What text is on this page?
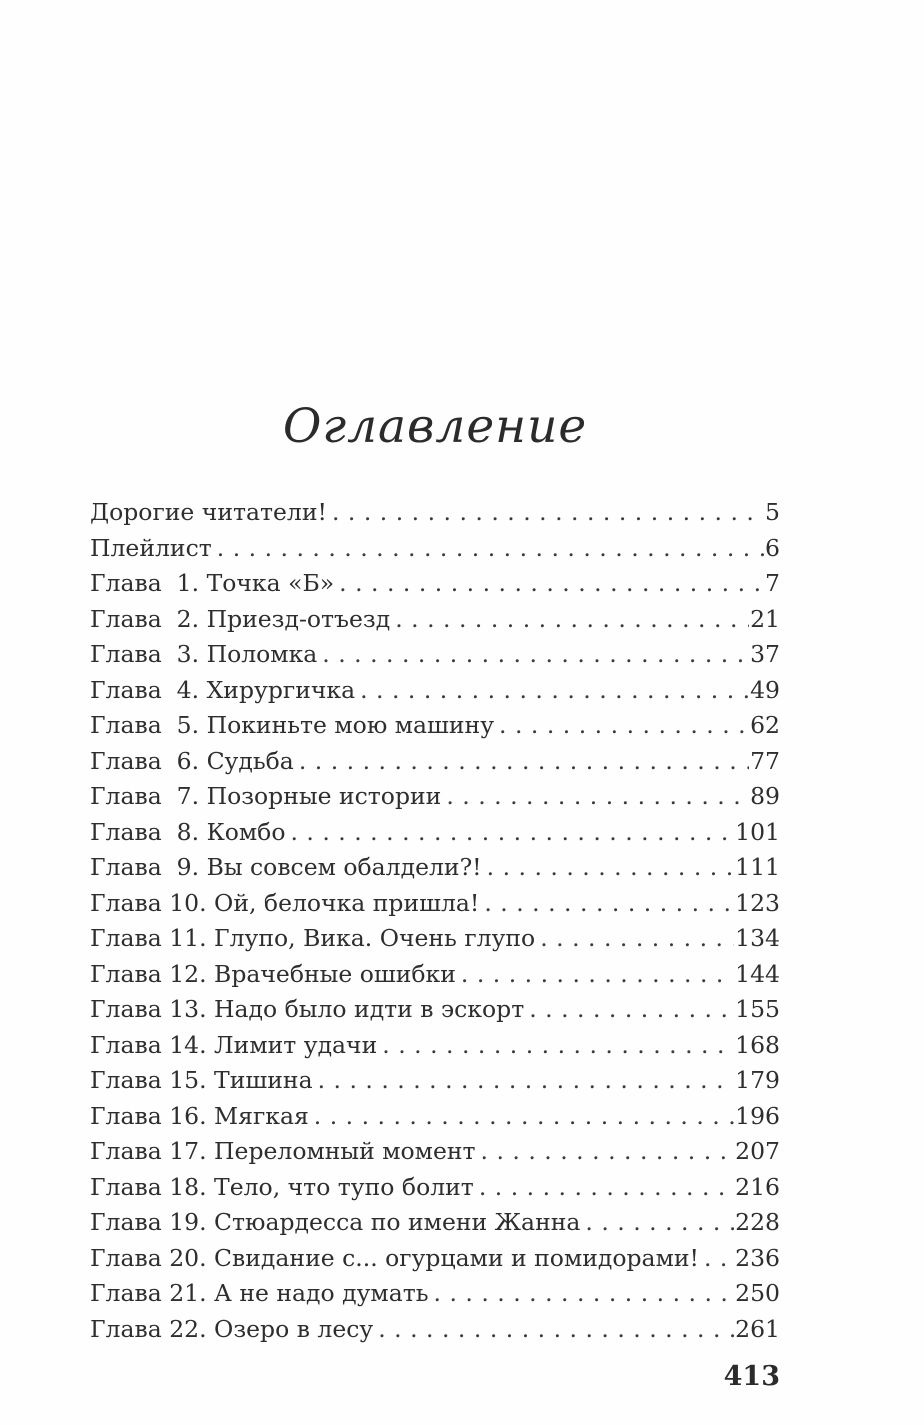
Оглавление
Дорогие читатели! . . .	5
Плейлист . . .	6
Глава  1. Точка «Б» . . .	7
Глава  2. Приезд-отъезд . . .	21
Глава  3. Поломка . . .	37
Глава  4. Хирургичка . . .	49
Глава  5. Покиньте мою машину . . .	62
Глава  6. Судьба . . .	77
Глава  7. Позорные истории . . .	89
Глава  8. Комбо . . .	101
Глава  9. Вы совсем обалдели?! . . .	111
Глава 10. Ой, белочка пришла! . . .	123
Глава 11. Глупо, Вика. Очень глупо . . .	134
Глава 12. Врачебные ошибки . . .	144
Глава 13. Надо было идти в эскорт . . .	155
Глава 14. Лимит удачи . . .	168
Глава 15. Тишина . . .	179
Глава 16. Мягкая . . .	196
Глава 17. Переломный момент . . .	207
Глава 18. Тело, что тупо болит . . .	216
Глава 19. Стюардесса по имени Жанна . . .	228
Глава 20. Свидание с... огурцами и помидорами! . . . 236
Глава 21. А не надо думать . . .	250
Глава 22. Озеро в лесу . . .	261
413
